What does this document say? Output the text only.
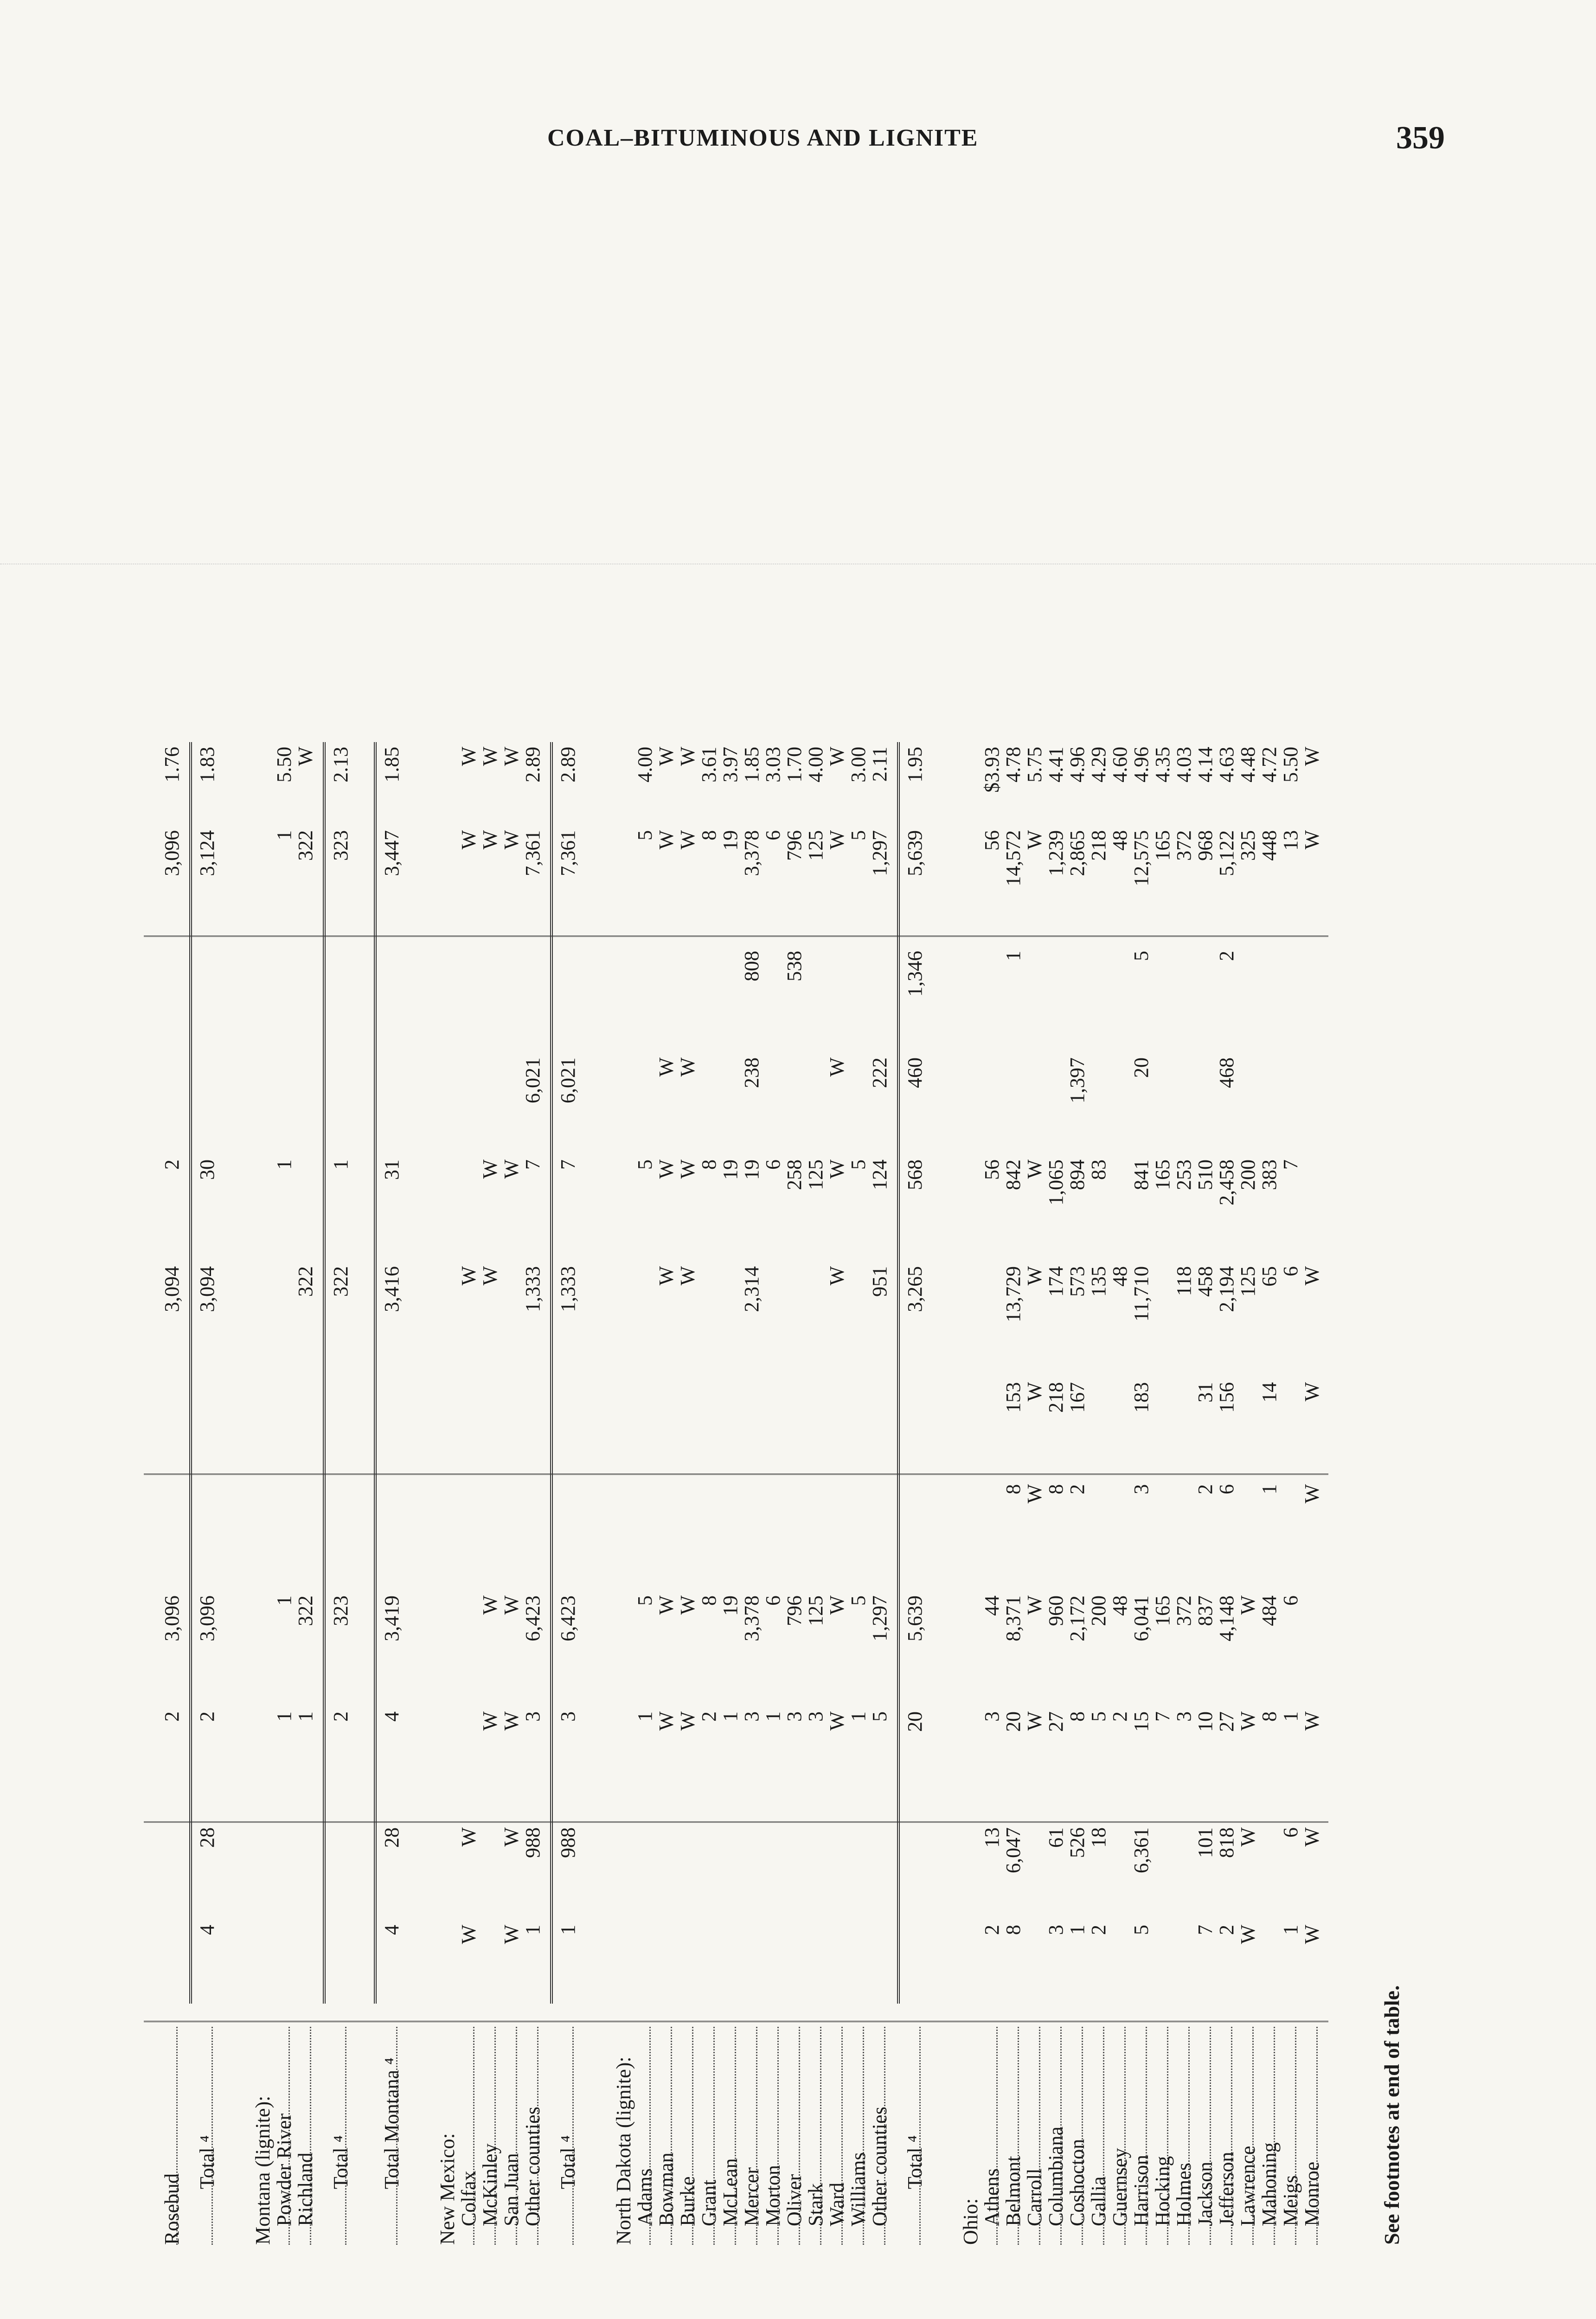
COAL–BITUMINOUS AND LIGNITE	359
Rosebud
2
3,096
3,094
2
3,096
1.76
Total ⁴
4
28
2
3,096
3,094
30
3,124
1.83
Montana (lignite):
Powder River
1
1
1
1
5.50
Richland
1
322
322
322
W
Total ⁴
2
323
322
1
323
2.13
Total Montana ⁴
4
28
4
3,419
3,416
31
3,447
1.85
New Mexico:
Colfax
W
W
W
W
W
McKinley
W
W
W
W
W
W
San Juan
W
W
W
W
W
W
W
Other counties
1
988
3
6,423
1,333
7
6,021
7,361
2.89
Total ⁴
1
988
3
6,423
1,333
7
6,021
7,361
2.89
North Dakota (lignite):
Adams
1
5
5
5
4.00
Bowman
W
W
W
W
W
W
W
Burke
W
W
W
W
W
W
W
Grant
2
8
8
8
3.61
McLean
1
19
19
19
3.97
Mercer
3
3,378
2,314
19
238
808
3,378
1.85
Morton
1
6
6
6
3.03
Oliver
3
796
258
538
796
1.70
Stark
3
125
125
125
4.00
Ward
W
W
W
W
W
W
W
Williams
1
5
5
5
3.00
Other counties
5
1,297
951
124
222
1,297
2.11
Total ⁴
20
5,639
3,265
568
460
1,346
5,639
1.95
Ohio:
Athens
2
13
3
44
56
56
$3.93
Belmont
8
6,047
20
8,371
8
153
13,729
842
1
14,572
4.78
Carroll
W
W
W
W
W
W
W
5.75
Columbiana
3
61
27
960
8
218
174
1,065
1,239
4.41
Coshocton
1
526
8
2,172
2
167
573
894
1,397
2,865
4.96
Gallia
2
18
5
200
135
83
218
4.29
Guernsey
2
48
48
48
4.60
Harrison
5
6,361
15
6,041
3
183
11,710
841
20
5
12,575
4.96
Hocking
7
165
165
165
4.35
Holmes
3
372
118
253
372
4.03
Jackson
7
101
10
837
2
31
458
510
968
4.14
Jefferson
2
818
27
4,148
6
156
2,194
2,458
468
2
5,122
4.63
Lawrence
W
W
W
W
125
200
325
4.48
Mahoning
8
484
1
14
65
383
448
4.72
Meigs
1
6
1
6
6
7
13
5.50
Monroe
W
W
W
W
W
W
W
W
See footnotes at end of table.
